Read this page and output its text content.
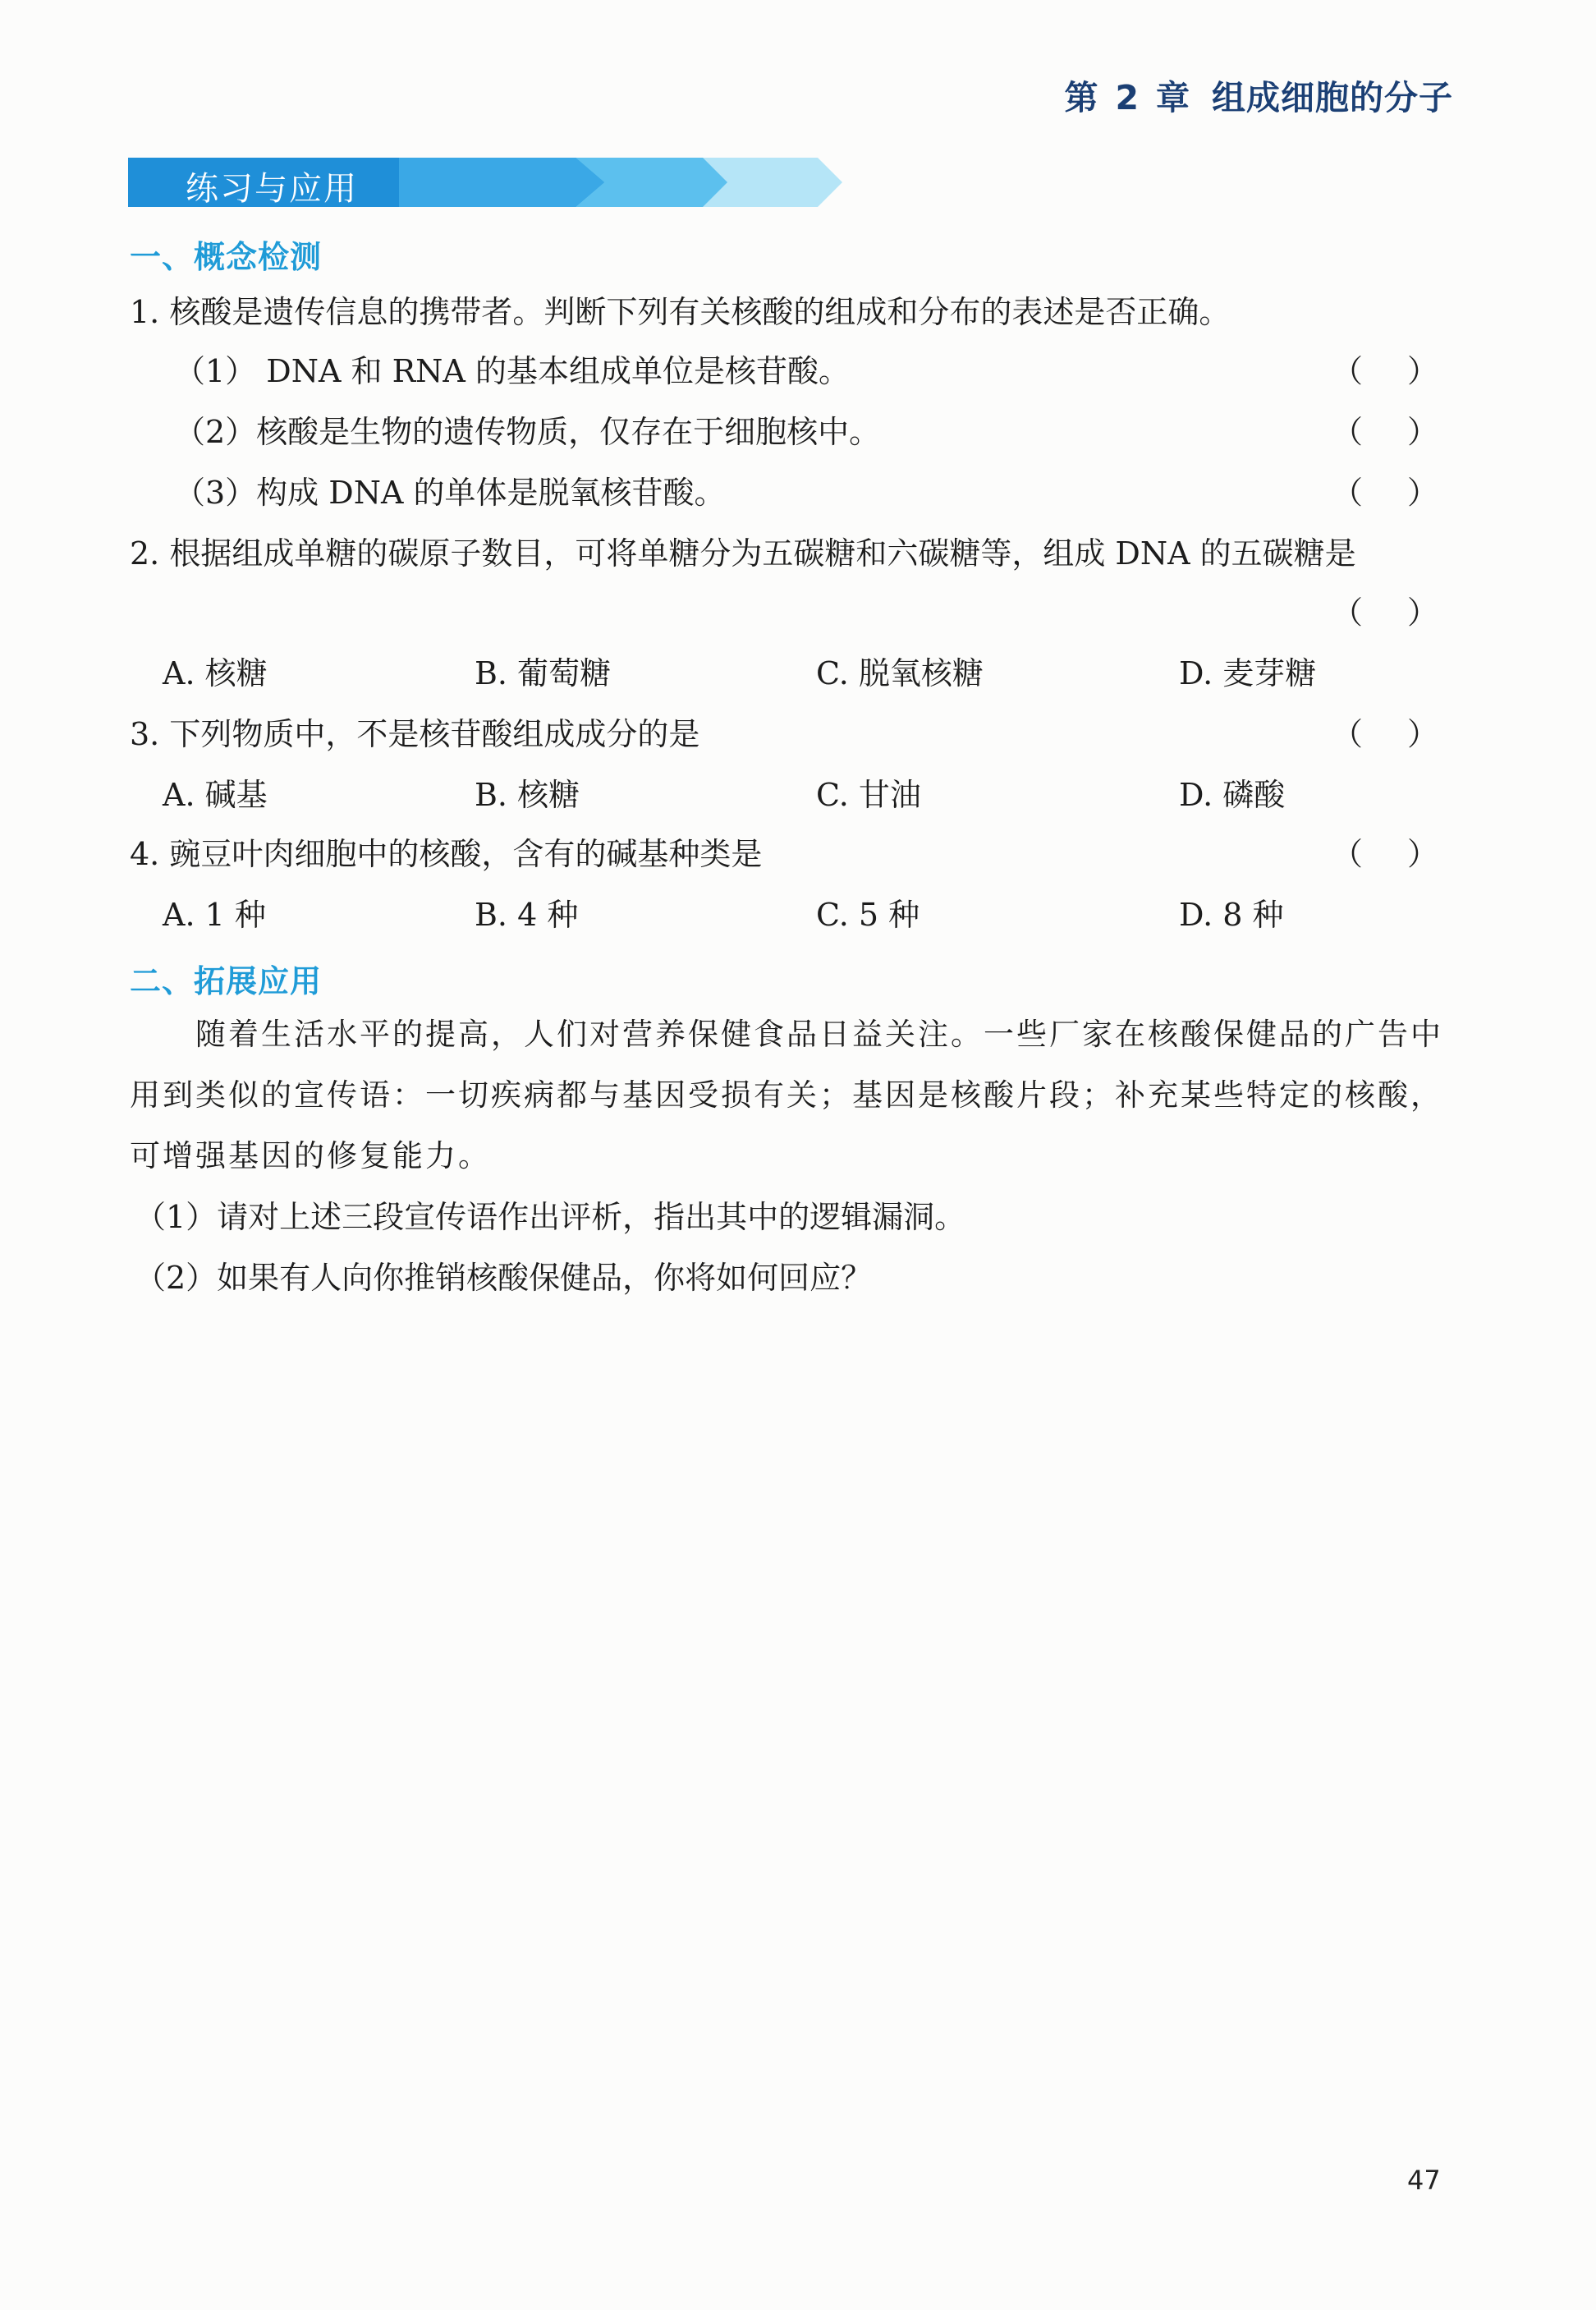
第 2 章 组成细胞的分子
练习与应用
一、概念检测
1. 核酸是遗传信息的携带者。判断下列有关核酸的组成和分布的表述是否正确。
（1） DNA 和 RNA 的基本组成单位是核苷酸。	（ ）
（2）核酸是生物的遗传物质，仅存在于细胞核中。	（ ）
（3）构成 DNA 的单体是脱氧核苷酸。	（ ）
2. 根据组成单糖的碳原子数目，可将单糖分为五碳糖和六碳糖等，组成 DNA 的五碳糖是
（ ）
A. 核糖	B. 葡萄糖	C. 脱氧核糖	D. 麦芽糖
3. 下列物质中，不是核苷酸组成成分的是	（ ）
A. 碱基	B. 核糖	C. 甘油	D. 磷酸
4. 豌豆叶肉细胞中的核酸，含有的碱基种类是	（ ）
A. 1 种	B. 4 种	C. 5 种	D. 8 种
二、拓展应用
随着生活水平的提高，人们对营养保健食品日益关注。一些厂家在核酸保健品的广告中
用到类似的宣传语：一切疾病都与基因受损有关；基因是核酸片段；补充某些特定的核酸，
可增强基因的修复能力。
（1）请对上述三段宣传语作出评析，指出其中的逻辑漏洞。
（2）如果有人向你推销核酸保健品，你将如何回应？
47
